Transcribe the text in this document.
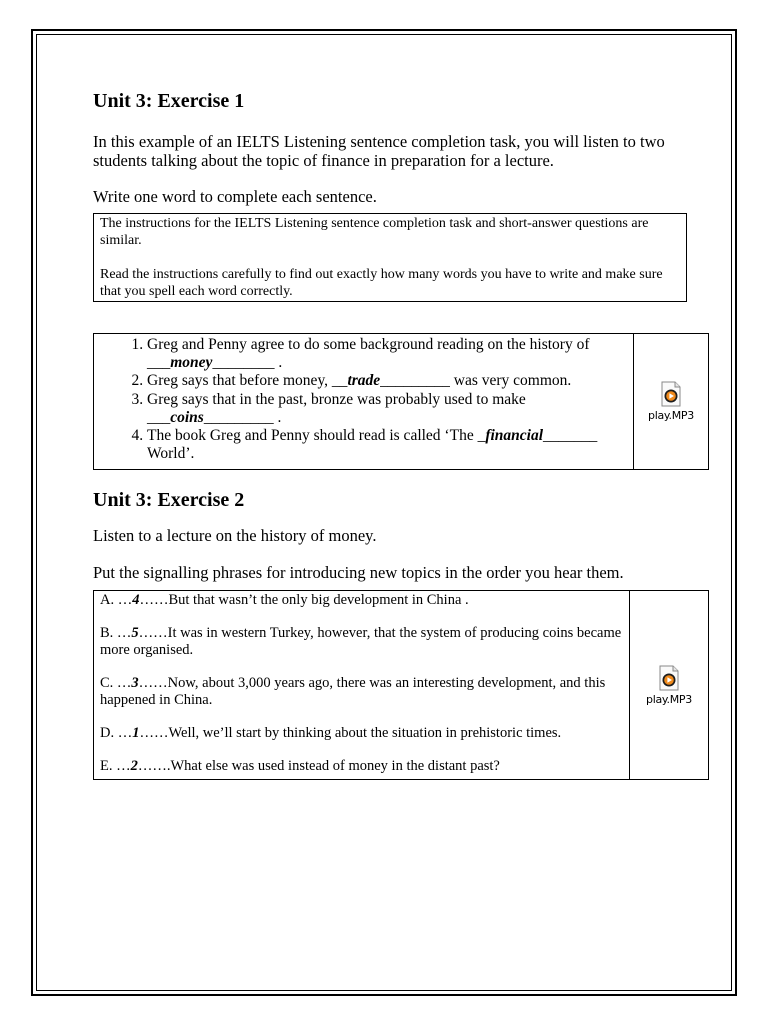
Unit 3: Exercise 1

In this example of an IELTS Listening sentence completion task, you will listen to two students talking about the topic of finance in preparation for a lecture.

Write one word to complete each sentence.

The instructions for the IELTS Listening sentence completion task and short-answer questions are similar.

Read the instructions carefully to find out exactly how many words you have to write and make sure that you spell each word correctly.

1. Greg and Penny agree to do some background reading on the history of ___money________ .
2. Greg says that before money, __trade_________ was very common.
3. Greg says that in the past, bronze was probably used to make ___coins_________ .
4. The book Greg and Penny should read is called ‘The _financial_______ World’.

play.MP3
Unit 3: Exercise 2

Listen to a lecture on the history of money.

Put the signalling phrases for introducing new topics in the order you hear them.

A. …4……But that wasn’t the only big development in China .
B. …5……It was in western Turkey, however, that the system of producing coins became more organised.
C. …3……Now, about 3,000 years ago, there was an interesting development, and this happened in China.
D. …1……Well, we’ll start by thinking about the situation in prehistoric times.
E. …2…….What else was used instead of money in the distant past?

play.MP3
